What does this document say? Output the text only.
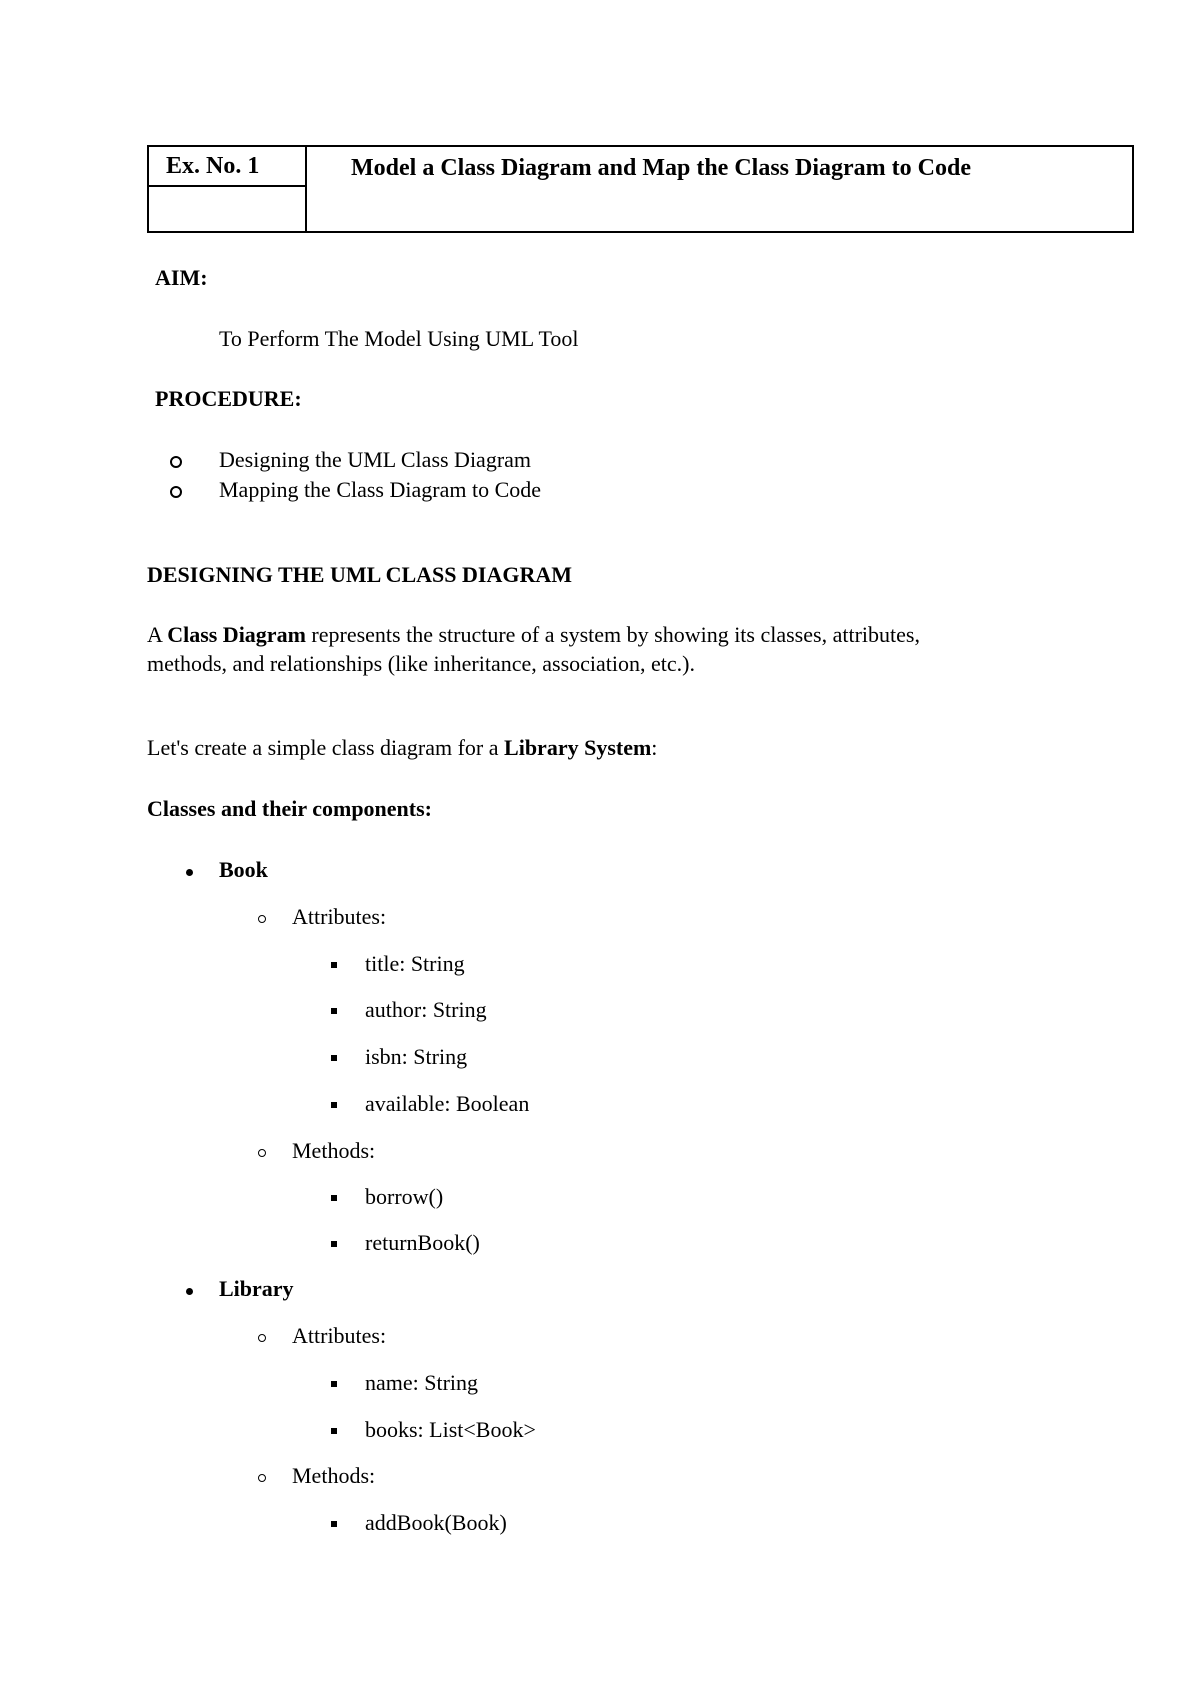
Ex. No. 1	Model a Class Diagram and Map the Class Diagram to Code
AIM:
To Perform The Model Using UML Tool
PROCEDURE:
Designing the UML Class Diagram
Mapping the Class Diagram to Code
DESIGNING THE UML CLASS DIAGRAM
A Class Diagram represents the structure of a system by showing its classes, attributes,
methods, and relationships (like inheritance, association, etc.).
Let's create a simple class diagram for a Library System:
Classes and their components:
Book
Attributes:
title: String
author: String
isbn: String
available: Boolean
Methods:
borrow()
returnBook()
Library
Attributes:
name: String
books: List<Book>
Methods:
addBook(Book)
